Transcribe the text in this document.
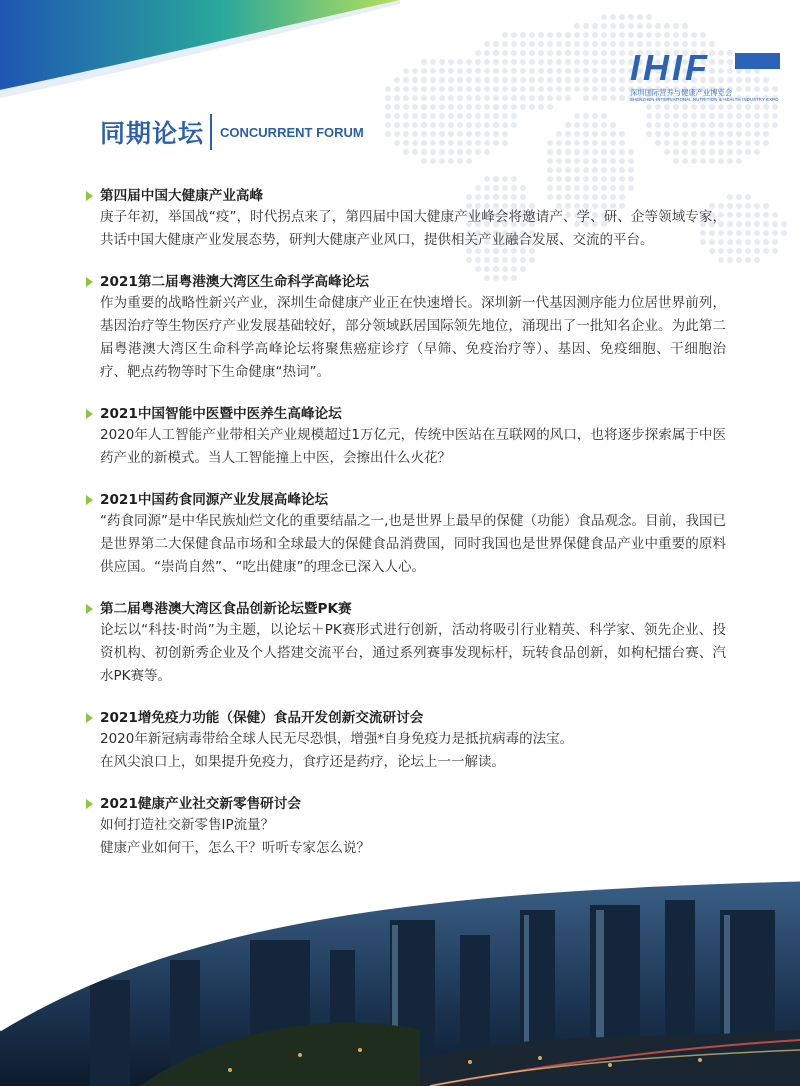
IHIF
深圳国际营养与健康产业博览会
SHENZHEN INTERNATIONAL NUTRITION & HEALTH INDUSTRY EXPO
同期论坛 CONCURRENT FORUM
第四届中国大健康产业高峰

庚子年初，举国战“疫”，时代拐点来了，第四届中国大健康产业峰会将邀请产、学、研、企等领域专家，共话中国大健康产业发展态势，研判大健康产业风口，提供相关产业融合发展、交流的平台。

2021第二届粤港澳大湾区生命科学高峰论坛

作为重要的战略性新兴产业，深圳生命健康产业正在快速增长。深圳新一代基因测序能力位居世界前列，基因治疗等生物医疗产业发展基础较好，部分领域跃居国际领先地位，涌现出了一批知名企业。为此第二届粤港澳大湾区生命科学高峰论坛将聚焦癌症诊疗（早筛、免疫治疗等）、基因、免疫细胞、干细胞治疗、靶点药物等时下生命健康“热词”。

2021中国智能中医暨中医养生高峰论坛

2020年人工智能产业带相关产业规模超过1万亿元，传统中医站在互联网的风口，也将逐步探索属于中医药产业的新模式。当人工智能撞上中医，会擦出什么火花？

2021中国药食同源产业发展高峰论坛

“药食同源”是中华民族灿烂文化的重要结晶之一,也是世界上最早的保健（功能）食品观念。目前，我国已是世界第二大保健食品市场和全球最大的保健食品消费国，同时我国也是世界保健食品产业中重要的原料供应国。“崇尚自然”、“吃出健康”的理念已深入人心。

第二届粤港澳大湾区食品创新论坛暨PK赛

论坛以“科技·时尚”为主题，以论坛＋PK赛形式进行创新，活动将吸引行业精英、科学家、领先企业、投资机构、初创新秀企业及个人搭建交流平台，通过系列赛事发现标杆，玩转食品创新，如枸杞擂台赛、汽水PK赛等。

2021增免疫力功能（保健）食品开发创新交流研讨会

2020年新冠病毒带给全球人民无尽恐惧，增强*自身免疫力是抵抗病毒的法宝。

在风尖浪口上，如果提升免疫力，食疗还是药疗，论坛上一一解读。

2021健康产业社交新零售研讨会

如何打造社交新零售IP流量？

健康产业如何干，怎么干？听听专家怎么说？
